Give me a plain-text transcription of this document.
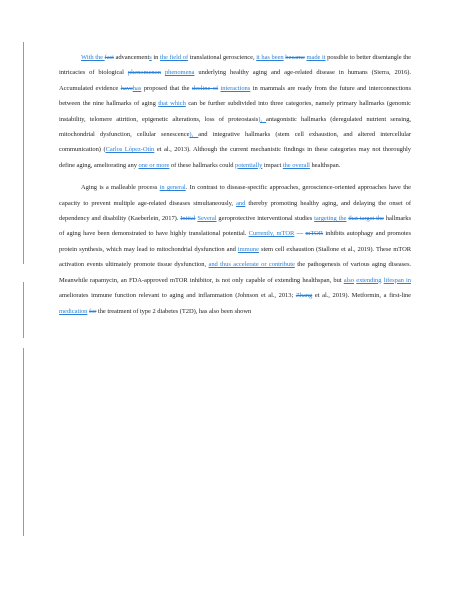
With the fast advancements in the field of translational geroscience, it has been became made it possible to better disentangle the intricacies of biological phenomenon phenomena underlying healthy aging and age-related disease in humans (Sierra, 2016). Accumulated evidence havehas proposed that the decline of interactions in mammals are ready from the future and interconnections between the nine hallmarks of aging that which can be further subdivided into three categories, namely primary hallmarks (genomic instability, telomere attrition, epigenetic alterations, loss of proteostasis), antagonistic hallmarks (deregulated nutrient sensing, mitochondrial dysfunction, cellular senescence), and integrative hallmarks (stem cell exhaustion, and altered intercellular communication) (Carlos López-Otín et al., 2013). Although the current mechanistic findings in these categories may not thoroughly define aging, ameliorating any one or more of these hallmarks could potentially impact the overall healthspan.

Aging is a malleable process in general. In contrast to disease-specific approaches, geroscience-oriented approaches have the capacity to prevent multiple age-related diseases simultaneously, and thereby promoting healthy aging, and delaying the onset of dependency and disability (Kaeberlein, 2017). Initial Several geroprotective interventional studies targeting the that target the hallmarks of aging have been demonstrated to have highly translational potential. Currently, mTOR — mTOR inhibits autophagy and promotes protein synthesis, which may lead to mitochondrial dysfunction and immune stem cell exhaustion (Stallone et al., 2019). These mTOR activation events ultimately promote tissue dysfunction, and thus accelerate or contribute the pathogenesis of various aging diseases. Meanwhile rapamycin, an FDA-approved mTOR inhibitor, is not only capable of extending healthspan, but also extending lifespan in ameliorates immune function relevant to aging and inflammation (Johnson et al., 2013; Zhang et al., 2019). Metformin, a first-line medication for the treatment of type 2 diabetes (T2D), has also been shown
